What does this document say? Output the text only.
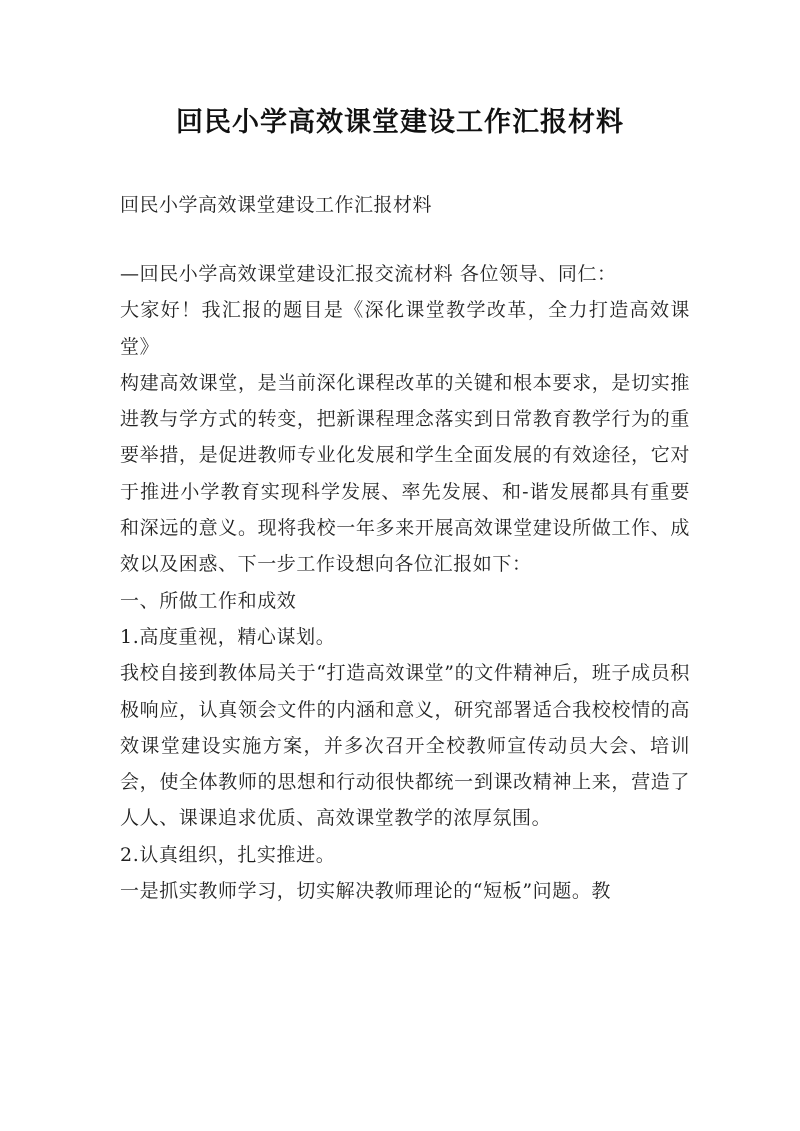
回民小学高效课堂建设工作汇报材料

回民小学高效课堂建设工作汇报材料

—回民小学高效课堂建设汇报交流材料 各位领导、同仁：

大家好！我汇报的题目是《深化课堂教学改革，全力打造高效课堂》

构建高效课堂，是当前深化课程改革的关键和根本要求，是切实推进教与学方式的转变，把新课程理念落实到日常教育教学行为的重要举措，是促进教师专业化发展和学生全面发展的有效途径，它对于推进小学教育实现科学发展、率先发展、和-谐发展都具有重要和深远的意义。现将我校一年多来开展高效课堂建设所做工作、成效以及困惑、下一步工作设想向各位汇报如下：

一、所做工作和成效

1.高度重视，精心谋划。

我校自接到教体局关于“打造高效课堂”的文件精神后，班子成员积极响应，认真领会文件的内涵和意义，研究部署适合我校校情的高效课堂建设实施方案，并多次召开全校教师宣传动员大会、培训会，使全体教师的思想和行动很快都统一到课改精神上来，营造了人人、课课追求优质、高效课堂教学的浓厚氛围。

2.认真组织，扎实推进。

一是抓实教师学习，切实解决教师理论的“短板”问题。教
